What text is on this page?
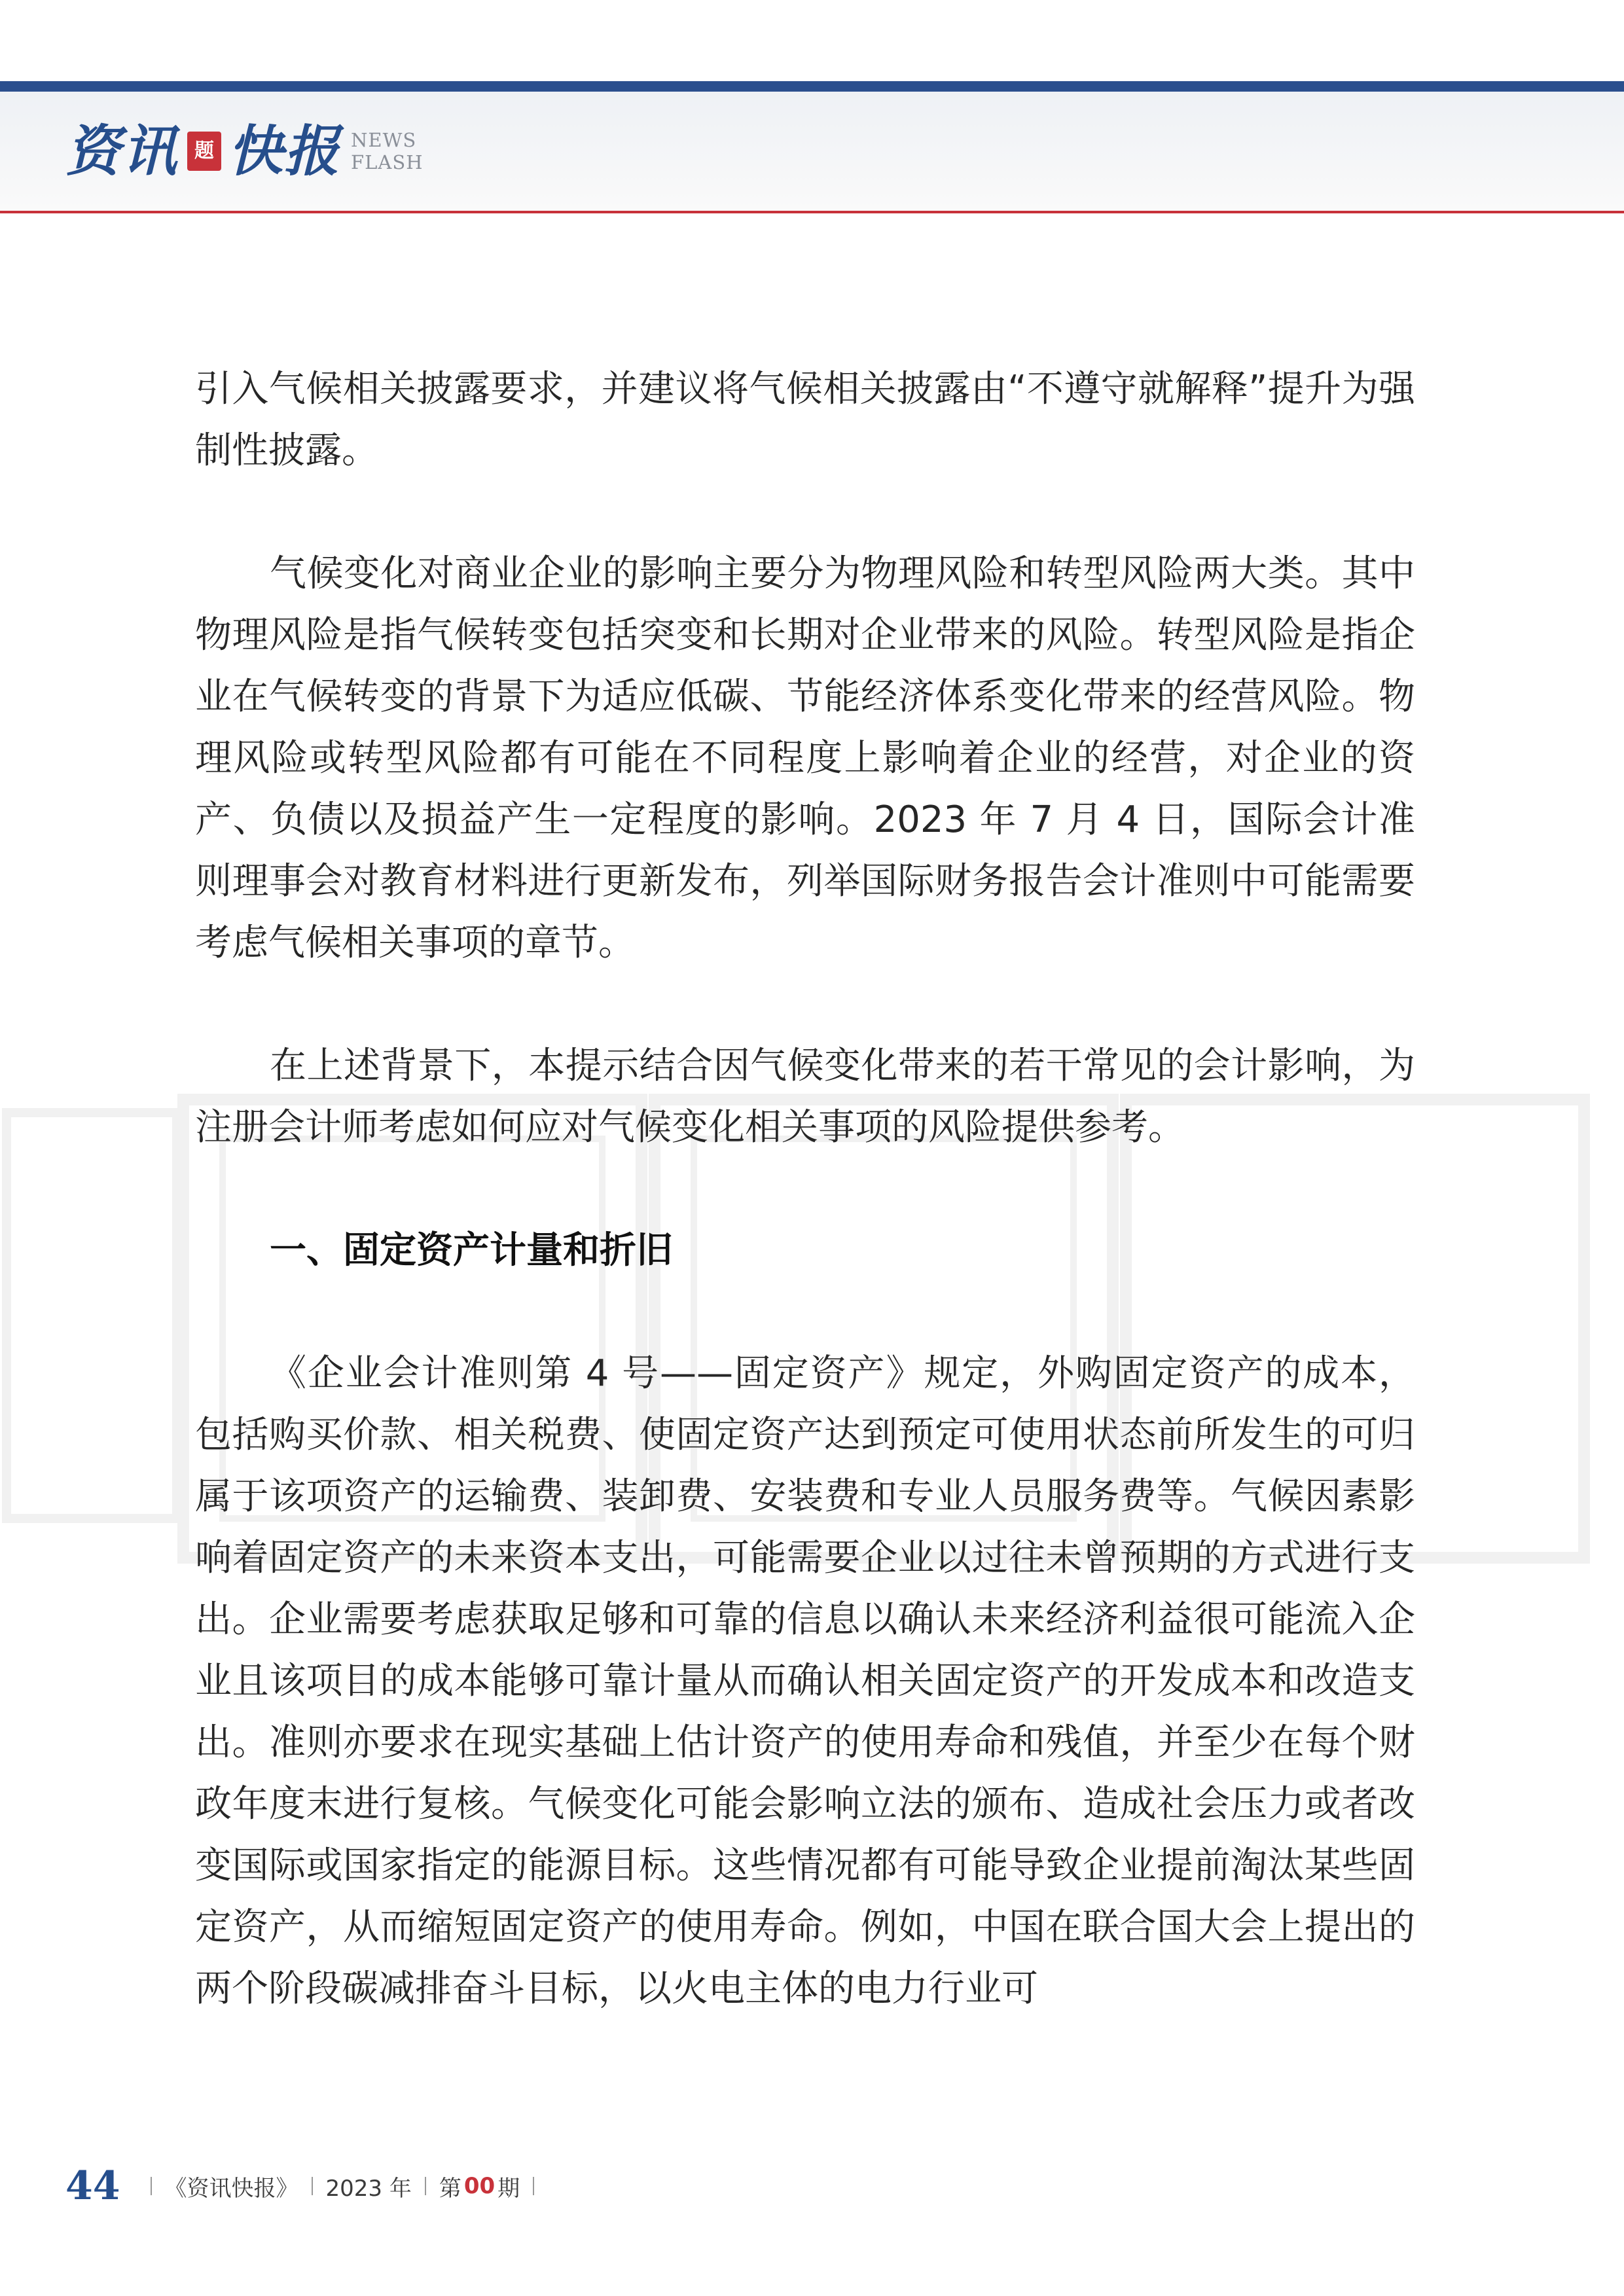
资讯 题 快报 NEWS
FLASH

引入气候相关披露要求，并建议将气候相关披露由“不遵守就解释”提升为强制性披露。

气候变化对商业企业的影响主要分为物理风险和转型风险两大类。其中物理风险是指气候转变包括突变和长期对企业带来的风险。转型风险是指企业在气候转变的背景下为适应低碳、节能经济体系变化带来的经营风险。物理风险或转型风险都有可能在不同程度上影响着企业的经营，对企业的资产、负债以及损益产生一定程度的影响。2023 年 7 月 4 日，国际会计准则理事会对教育材料进行更新发布，列举国际财务报告会计准则中可能需要考虑气候相关事项的章节。

在上述背景下，本提示结合因气候变化带来的若干常见的会计影响，为注册会计师考虑如何应对气候变化相关事项的风险提供参考。

一、固定资产计量和折旧

《企业会计准则第 4 号——固定资产》规定，外购固定资产的成本，包括购买价款、相关税费、使固定资产达到预定可使用状态前所发生的可归属于该项资产的运输费、装卸费、安装费和专业人员服务费等。气候因素影响着固定资产的未来资本支出，可能需要企业以过往未曾预期的方式进行支出。企业需要考虑获取足够和可靠的信息以确认未来经济利益很可能流入企业且该项目的成本能够可靠计量从而确认相关固定资产的开发成本和改造支出。准则亦要求在现实基础上估计资产的使用寿命和残值，并至少在每个财政年度末进行复核。气候变化可能会影响立法的颁布、造成社会压力或者改变国际或国家指定的能源目标。这些情况都有可能导致企业提前淘汰某些固定资产，从而缩短固定资产的使用寿命。例如，中国在联合国大会上提出的两个阶段碳减排奋斗目标，以火电主体的电力行业可

44 《资讯快报》 2023 年 第 00 期
